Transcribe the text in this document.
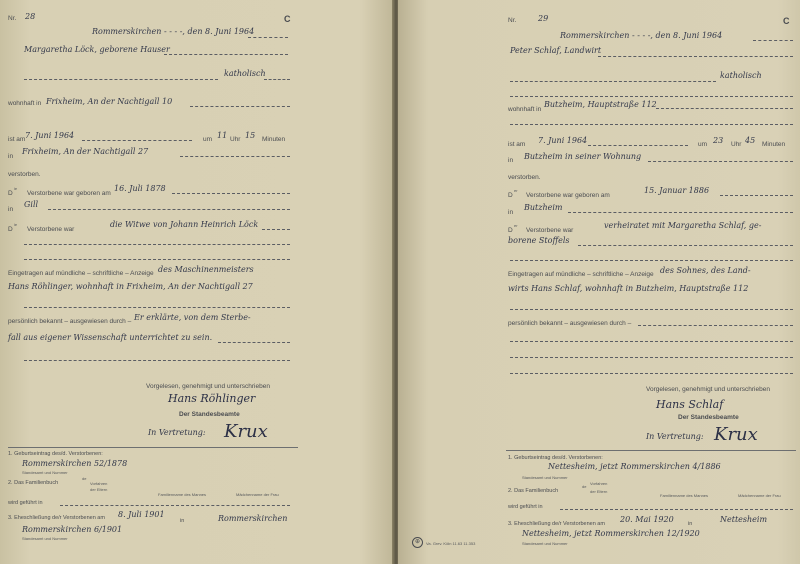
Nr. 28	C
Rommerskirchen - - - -, den 8. Juni 1964
Margaretha Löck, geborene Hauser
katholisch
wohnhaft in Frixheim, An der Nachtigall 10
ist am 7. Juni 1964	um 11 Uhr 15 Minuten
in
Frixheim, An der Nachtigall 27
verstorben.
D
ie
Verstorbene war geboren am
16. Juli 1878
in
Gill
D
ie
Verstorbene war
die Witwe von Johann Heinrich Löck
Eingetragen auf mündliche – schriftliche – Anzeige des Maschinenmeisters
Hans Röhlinger, wohnhaft in Frixheim, An der Nachtigall 27
persönlich bekannt – ausgewiesen durch – Er erklärte, von dem Sterbe-
fall aus eigener Wissenschaft unterrichtet zu sein.
Vorgelesen, genehmigt und unterschrieben
Hans Röhlinger
Der Standesbeamte
In Vertretung: Krux
1. Geburtseintrag des/d. Verstorbenen:
Rommerskirchen 52/1878
Standesamt und Nummer
2. Das Familienbuch
de
Vorfahren
der Eltern
Familienname des Mannes	Mädchenname der Frau
wird geführt in
3. Eheschließung de/r Verstorbenen am 8. Juli 1901
in	Rommerskirchen
Rommerskirchen 6/1901
Standesamt und Nummer
Nr.	29	C
Rommerskirchen - - - -, den 8. Juni 1964
Peter Schlaf, Landwirt
katholisch
wohnhaft in
Butzheim, Hauptstraße 112
ist am 7. Juni 1964	um 23 Uhr 45 Minuten
in Butzheim in seiner Wohnung
verstorben.
D
er
Verstorbene war geboren am
15. Januar 1886
in
Butzheim
D
er
Verstorbene war
verheiratet mit Margaretha Schlaf, ge-
borene Stoffels
Eingetragen auf mündliche – schriftliche – Anzeige des Sohnes, des Land-
wirts Hans Schlaf, wohnhaft in Butzheim, Hauptstraße 112
persönlich bekannt – ausgewiesen durch –
Vorgelesen, genehmigt und unterschrieben
Hans Schlaf
Der Standesbeamte
In Vertretung: Krux
1. Geburtseintrag des/d. Verstorbenen:
Nettesheim, jetzt Rommerskirchen 4/1886
Standesamt und Nummer
2. Das Familienbuch
de
Vorfahren
der Eltern
Familienname des Mannes	Mädchenname der Frau
wird geführt in
3. Eheschließung de/r Verstorbenen am 20. Mai 1920	in	Nettesheim
Nettesheim, jetzt Rommerskirchen 12/1920
Standesamt und Nummer
⊕	Va. Grev. Köln 11.63 11.353
